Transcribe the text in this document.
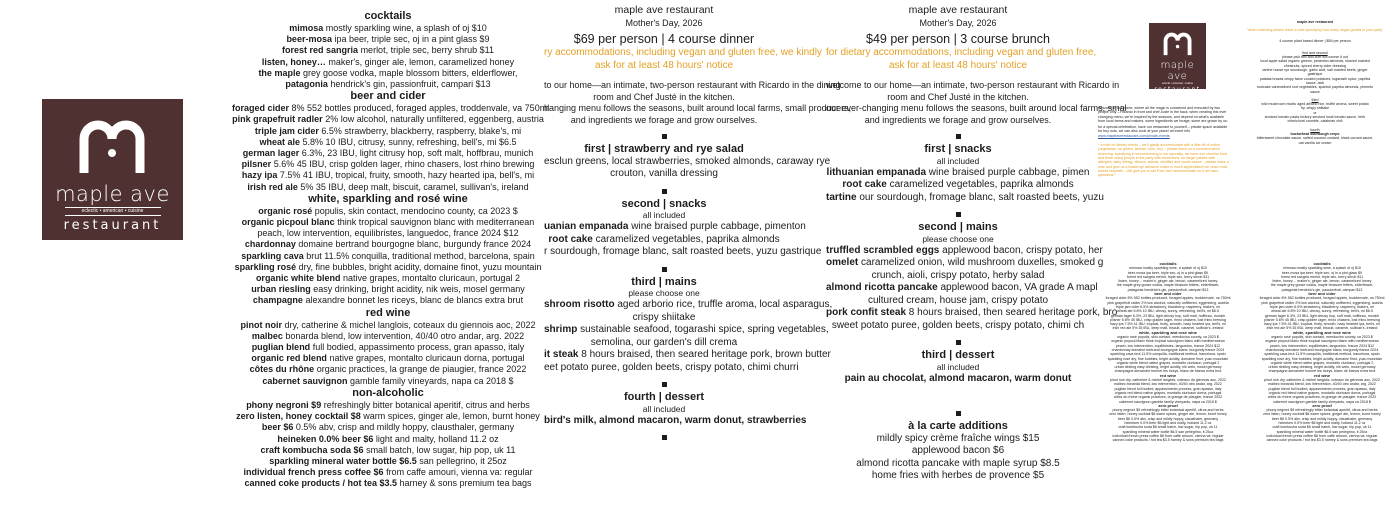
maple ave
eclectic • american • cuisine
restaurant
cocktails
mimosa mostly sparkling wine, a splash of oj $10
beer-mosa ipa beer, triple sec, oj in a pint glass $9
forest red sangria merlot, triple sec, berry shrub $11
listen, honey… maker's, ginger ale, lemon, caramelized honey
the maple grey goose vodka, maple blossom bitters, elderflower,
patagonia hendrick's gin, passionfruit, campari $13
beer and cider
foraged cider 8% 552 bottles produced, foraged apples, troddenvale, va 750ml
pink grapefruit radler 2% low alcohol, naturally unfiltered, eggenberg, austria
triple jam cider 6.5% strawberry, blackberry, raspberry, blake's, mi
wheat ale 5.8% 10 IBU, citrusy, sunny, refreshing, bell's, mi $6.5
german lager 6.3%, 23 IBU, light citrusy hop, soft malt, hoffbrau, munich
pilsner 5.6% 45 IBU, crisp golden lager, rhino chasers, lost rhino brewing
hazy ipa 7.5% 41 IBU, tropical, fruity, smooth, hazy hearted ipa, bell's, mi
irish red ale 5% 35 IBU, deep malt, biscuit, caramel, sullivan's, ireland
white, sparkling and rosé wine
organic rosé populis, skin contact, mendocino county, ca 2023 $
organic picpoul blanc think tropical sauvignon blanc with mediterranean
peach, low intervention, equilibristes, languedoc, france 2024 $12
chardonnay domaine bertrand bourgogne blanc, burgundy france 2024
sparkling cava brut 11.5% conquilla, traditional method, barcelona, spain
sparkling rosé dry, fine bubbles, bright acidity, domaine finot, yuzu mountain
organic white blend native grapes, montalto cluricaun, portugal 2
urban riesling easy drinking, bright acidity, nik weis, mosel germany
champagne alexandre bonnet les riceys, blanc de blancs extra brut
red wine
pinot noir dry, catherine & michel langlois, coteaux du giennois aoc, 2022
malbec bonarda blend, low intervention, 40/40 otro andar, arg. 2022
puglian blend full bodied, appassimento process, gran apasso, italy
organic red blend native grapes, montalto cluricaun dorna, portugal
côtes du rhône organic practices, la grange de piaugier, france 2022
cabernet sauvignon gamble family vineyards, napa ca 2018 $
non-alcoholic
phony negroni $9 refreshingly bitter botanical aperitif, citrus and herbs
zero listen, honey cocktail $8 warm spices, ginger ale, lemon, burnt honey
beer $6 0.5% abv, crisp and mildly hoppy, clausthaler, germany
heineken 0.0% beer $6 light and malty, holland 11.2 oz
craft kombucha soda $6 small batch, low sugar, hip pop, uk 11
sparkling mineral water bottle $6.5 san pellegrino, it 25oz
individual french press coffee $6 from caffe amouri, vienna va: regular
canned coke products / hot tea $3.5 harney & sons premium tea bags
maple ave restaurant
Mother's Day, 2026
$69 per person | 4 course dinner
ry accommodations, including vegan and gluten free, we kindly
ask for at least 48 hours' notice
to our home—an intimate, two-person restaurant with Ricardo in the dining
room and Chef Justé in the kitchen.
hanging menu follows the seasons, built around local farms, small producers,
and ingredients we forage and grow ourselves.
first | strawberry and rye salad
esclun greens, local strawberries, smoked almonds, caraway rye
crouton, vanilla dressing
second | snacks
all included
uanian empanada wine braised purple cabbage, pimenton
root cake caramelized vegetables, paprika almonds
r sourdough, fromage blanc, salt roasted beets, yuzu gastrique
third | mains
please choose one
shroom risotto aged arborio rice, truffle aroma, local asparagus,
crispy shiitake
shrimp sustainable seafood, togarashi spice, spring vegetables,
semolina, our garden's dill crema
it steak 8 hours braised, then seared heritage pork, brown butter
eet potato puree, golden beets, crispy potato, chimi churri
fourth | dessert
all included
bird's milk, almond macaron, warm donut, strawberries
maple ave restaurant
Mother's Day, 2026
$49 per person | 3 course brunch
for dietary accommodations, including vegan and gluten free,
ask for at least 48 hours' notice
welcome to our home—an intimate, two-person restaurant with Ricardo in
room and Chef Justé in the kitchen.
our ever-changing menu follows the seasons, built around local farms, smal
and ingredients we forage and grow ourselves.
first | snacks
all included
lithuanian empanada wine braised purple cabbage, pimen
root cake caramelized vegetables, paprika almonds
tartine our sourdough, fromage blanc, salt roasted beets, yuzu
second | mains
please choose one
truffled scrambled eggs applewood bacon, crispy potato, her
omelet caramelized onion, wild mushroom duxelles, smoked g
crunch, aioli, crispy potato, herby salad
almond ricotta pancake applewood bacon, VA grade A mapl
cultured cream, house jam, crispy potato
pork confit steak 8 hours braised, then seared heritage pork, bro
sweet potato puree, golden beets, crispy potato, chimi ch
third | dessert
all included
pain au chocolat, almond macaron, warm donut
à la carte additions
mildly spicy crème fraîche wings $15
applewood bacon $6
almond ricotta pancake with maple syrup $8.5
home fries with herbes de provence $5
maple ave
eclectic • american • cuisine
restaurant
maple ave restaurant
"when reserving please leave a note specifying how many vegan guests in your party"
4 course plant based dinner | $59 per person
first and second
please pick two and chef will course it out
local apple salad organic greens, pimenton almonds, shaved roasted
chestnuts, spiced cherry cider dressing
tartine house rye sourdough, garlic aioli, salt roasted beets, ginger
gastrique
patatas bravas crispy twice cooked potatoes, togarashi spice, paprika
sauce, aioli
rootcake caramelized root vegetables, spanish paprika almonds, pimento
sauce
third
wild mushroom risotto aged arborio rice, truffle aroma, sweet potato
fry, crispy shiitake
or
smoked tomato pasta hickory smoked local tomato sauce, herb
chimichurri crumble, calabrian chili
fourth
buckwheat sourdough crepe
bittersweet chocolate sauce, salted coconut custard, black currant sauce,
oat vanilla ice cream
welcome to our home, where all the magic is conceived and executed by two people only – Ricardo in front and chef Justé in the back. when creating this ever changing menu, we're inspired by the seasons, and depend on what's available from local farms and makers. some ingredients we forage; some are grown by us.
for a special celebration, have our restaurant to yourself – private space available for buy outs. we can also cook at your place! all event info
www.mapleaverestaurant.com/private-events
* a note on dietary needs – we'll gladly accommodate with a little bit of notice (vegetarian, no gluten, lactose, nuts, etc) – please leave us a comment when reserving. specifying if nonconforming is our specialty, we have one cheerful front and three many people in the party with restrictions. for larger parties with allergies, dairy allergy, alliums, animal, shellfish and oyster sauce – please leave a note and give us a heads up! advance notice is much appreciated! we close most weeks requests – will give you a call if we can't accommodate on it we have questions *
cocktails
mimosa mostly sparkling wine, a splash of oj $10
beer-mosa ipa beer, triple sec, oj in a pint glass $9
forest red sangria merlot, triple sec, berry shrub $11
listen, honey… maker's, ginger ale, lemon, caramelized honey
the maple grey goose vodka, maple blossom bitters, elderflower,
patagonia hendrick's gin, passionfruit, campari $13
beer and cider
foraged cider 8% 552 bottles produced, foraged apples, troddenvale, va 750ml
pink grapefruit radler 2% low alcohol, naturally unfiltered, eggenberg, austria
triple jam cider 6.5% strawberry, blackberry, raspberry, blake's, mi
wheat ale 5.8% 10 IBU, citrusy, sunny, refreshing, bell's, mi $6.5
german lager 6.3%, 23 IBU, light citrusy hop, soft malt, hoffbrau, munich
pilsner 5.6% 45 IBU, crisp golden lager, rhino chasers, lost rhino brewing
hazy ipa 7.5% 41 IBU, tropical, fruity, smooth, hazy hearted ipa, bell's, mi
irish red ale 5% 35 IBU, deep malt, biscuit, caramel, sullivan's, ireland
white, sparkling and rosé wine
organic rosé populis, skin contact, mendocino county, ca 2023 $
organic picpoul blanc think tropical sauvignon blanc with mediterranean
peach, low intervention, equilibristes, languedoc, france 2024 $12
chardonnay domaine bertrand bourgogne blanc, burgundy france 2024
sparkling cava brut 11.5% conquilla, traditional method, barcelona, spain
sparkling rosé dry, fine bubbles, bright acidity, domaine finot, yuzu mountain
organic white blend native grapes, montalto cluricaun, portugal 2
urban riesling easy drinking, bright acidity, nik weis, mosel germany
champagne alexandre bonnet les riceys, blanc de blancs extra brut
red wine
pinot noir dry, catherine & michel langlois, coteaux du giennois aoc, 2022
malbec bonarda blend, low intervention, 40/40 otro andar, arg. 2022
puglian blend full bodied, appassimento process, gran apasso, italy
organic red blend native grapes, montalto cluricaun dorna, portugal
côtes du rhône organic practices, la grange de piaugier, france 2022
cabernet sauvignon gamble family vineyards, napa ca 2018 $
zero proof
phony negroni $9 refreshingly bitter botanical aperitif, citrus and herbs
zero listen, honey cocktail $8 warm spices, ginger ale, lemon, burnt honey
beer $6 0.5% abv, crisp and mildly hoppy, clausthaler, germany
heineken 0.0% beer $6 light and malty, holland 11.2 oz
craft kombucha soda $6 small batch, low sugar, hip pop, uk 11
sparkling mineral water bottle $6.5 san pellegrino, it 25oz
individual french press coffee $6 from caffe amouri, vienna va: regular
canned coke products / hot tea $3.5 harney & sons premium tea bags
cocktails
mimosa mostly sparkling wine, a splash of oj $10
beer-mosa ipa beer, triple sec, oj in a pint glass $9
forest red sangria merlot, triple sec, berry shrub $11
listen, honey… maker's, ginger ale, lemon, caramelized honey
the maple grey goose vodka, maple blossom bitters, elderflower,
patagonia hendrick's gin, passionfruit, campari $13
beer and cider
foraged cider 8% 552 bottles produced, foraged apples, troddenvale, va 750ml
pink grapefruit radler 2% low alcohol, naturally unfiltered, eggenberg, austria
triple jam cider 6.5% strawberry, blackberry, raspberry, blake's, mi
wheat ale 5.8% 10 IBU, citrusy, sunny, refreshing, bell's, mi $6.5
german lager 6.3%, 23 IBU, light citrusy hop, soft malt, hoffbrau, munich
pilsner 5.6% 45 IBU, crisp golden lager, rhino chasers, lost rhino brewing
hazy ipa 7.5% 41 IBU, tropical, fruity, smooth, hazy hearted ipa, bell's, mi
irish red ale 5% 35 IBU, deep malt, biscuit, caramel, sullivan's, ireland
white, sparkling and rosé wine
organic rosé populis, skin contact, mendocino county, ca 2023 $
organic picpoul blanc think tropical sauvignon blanc with mediterranean
peach, low intervention, equilibristes, languedoc, france 2024 $12
chardonnay domaine bertrand bourgogne blanc, burgundy france 2024
sparkling cava brut 11.5% conquilla, traditional method, barcelona, spain
sparkling rosé dry, fine bubbles, bright acidity, domaine finot, yuzu mountain
organic white blend native grapes, montalto cluricaun, portugal 2
urban riesling easy drinking, bright acidity, nik weis, mosel germany
champagne alexandre bonnet les riceys, blanc de blancs extra brut
red wine
pinot noir dry, catherine & michel langlois, coteaux du giennois aoc, 2022
malbec bonarda blend, low intervention, 40/40 otro andar, arg. 2022
puglian blend full bodied, appassimento process, gran apasso, italy
organic red blend native grapes, montalto cluricaun dorna, portugal
côtes du rhône organic practices, la grange de piaugier, france 2022
cabernet sauvignon gamble family vineyards, napa ca 2018 $
zero proof
phony negroni $9 refreshingly bitter botanical aperitif, citrus and herbs
zero listen, honey cocktail $8 warm spices, ginger ale, lemon, burnt honey
beer $6 0.5% abv, crisp and mildly hoppy, clausthaler, germany
heineken 0.0% beer $6 light and malty, holland 11.2 oz
craft kombucha soda $6 small batch, low sugar, hip pop, uk 11
sparkling mineral water bottle $6.5 san pellegrino, it 25oz
individual french press coffee $6 from caffe amouri, vienna va: regular
canned coke products / hot tea $3.5 harney & sons premium tea bags
